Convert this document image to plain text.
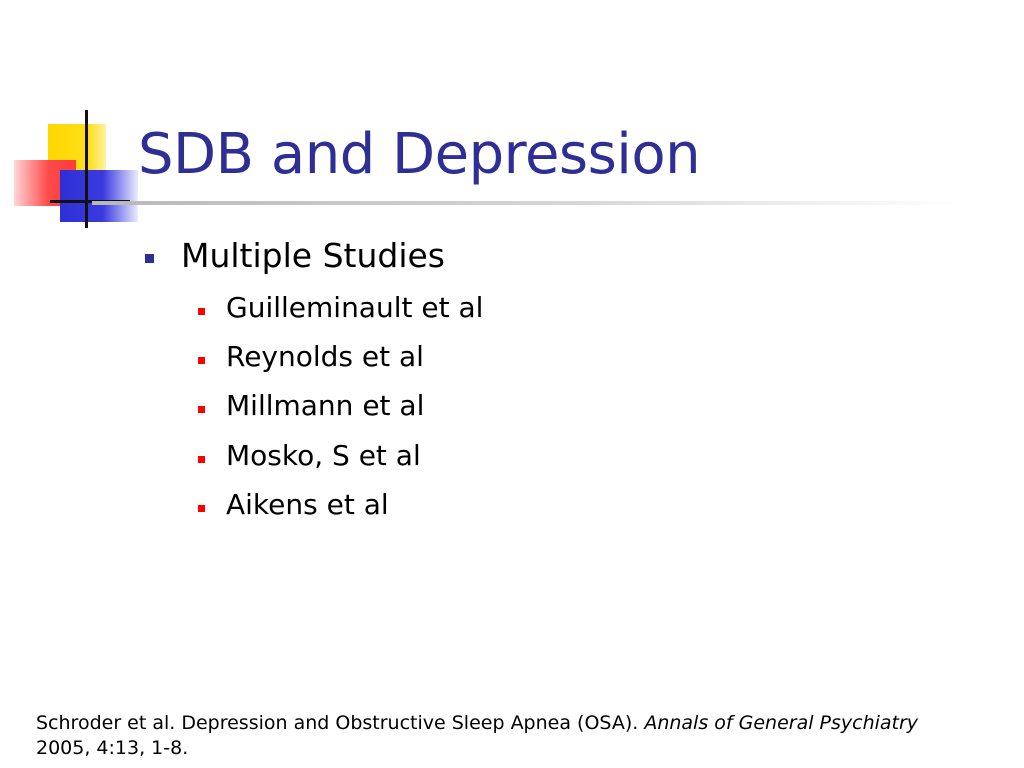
SDB and Depression
Multiple Studies
Guilleminault et al
Reynolds et al
Millmann et al
Mosko, S et al
Aikens et al
Schroder et al. Depression and Obstructive Sleep Apnea (OSA). Annals of General Psychiatry
2005, 4:13, 1-8.
